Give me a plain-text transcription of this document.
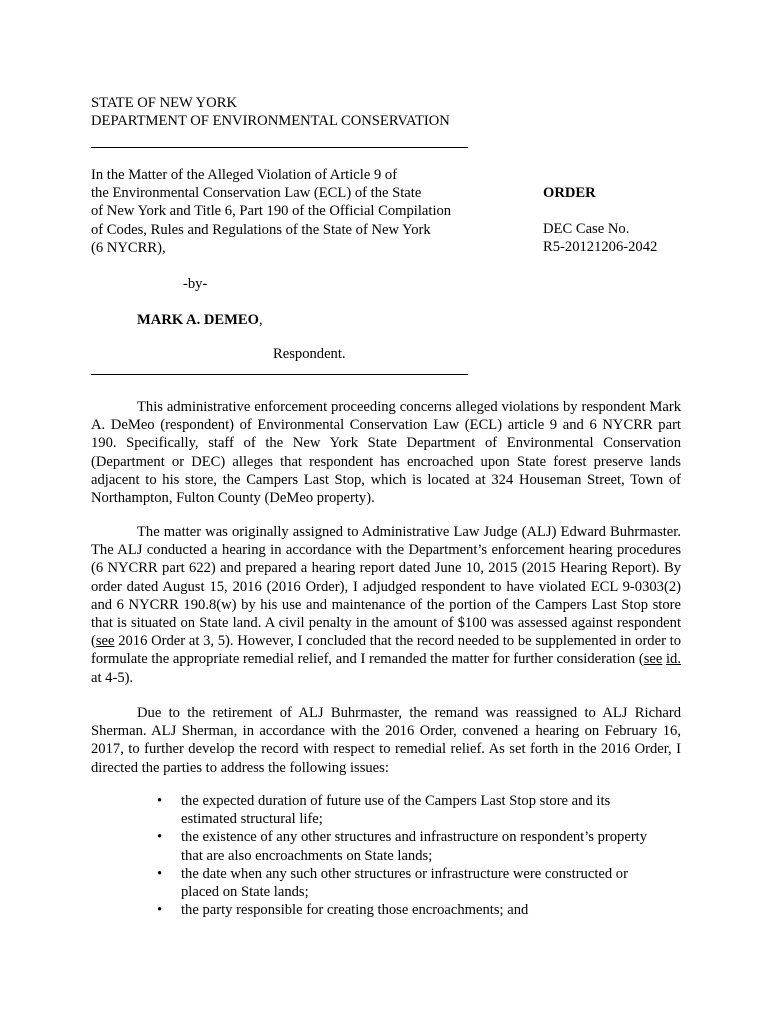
STATE OF NEW YORK
DEPARTMENT OF ENVIRONMENTAL CONSERVATION
In the Matter of the Alleged Violation of Article 9 of
the Environmental Conservation Law (ECL) of the State
of New York and Title 6, Part 190 of the Official Compilation
of Codes, Rules and Regulations of the State of New York
(6 NYCRR),
ORDER
DEC Case No.
R5-20121206-2042
-by-
MARK A. DEMEO,
Respondent.

This administrative enforcement proceeding concerns alleged violations by respondent Mark A. DeMeo (respondent) of Environmental Conservation Law (ECL) article 9 and 6 NYCRR part 190. Specifically, staff of the New York State Department of Environmental Conservation (Department or DEC) alleges that respondent has encroached upon State forest preserve lands adjacent to his store, the Campers Last Stop, which is located at 324 Houseman Street, Town of Northampton, Fulton County (DeMeo property).

The matter was originally assigned to Administrative Law Judge (ALJ) Edward Buhrmaster. The ALJ conducted a hearing in accordance with the Department’s enforcement hearing procedures (6 NYCRR part 622) and prepared a hearing report dated June 10, 2015 (2015 Hearing Report). By order dated August 15, 2016 (2016 Order), I adjudged respondent to have violated ECL 9-0303(2) and 6 NYCRR 190.8(w) by his use and maintenance of the portion of the Campers Last Stop store that is situated on State land. A civil penalty in the amount of $100 was assessed against respondent (see 2016 Order at 3, 5). However, I concluded that the record needed to be supplemented in order to formulate the appropriate remedial relief, and I remanded the matter for further consideration (see id. at 4-5).

Due to the retirement of ALJ Buhrmaster, the remand was reassigned to ALJ Richard Sherman. ALJ Sherman, in accordance with the 2016 Order, convened a hearing on February 16, 2017, to further develop the record with respect to remedial relief. As set forth in the 2016 Order, I directed the parties to address the following issues:

• the expected duration of future use of the Campers Last Stop store and its estimated structural life;
• the existence of any other structures and infrastructure on respondent’s property that are also encroachments on State lands;
• the date when any such other structures or infrastructure were constructed or placed on State lands;
• the party responsible for creating those encroachments; and
